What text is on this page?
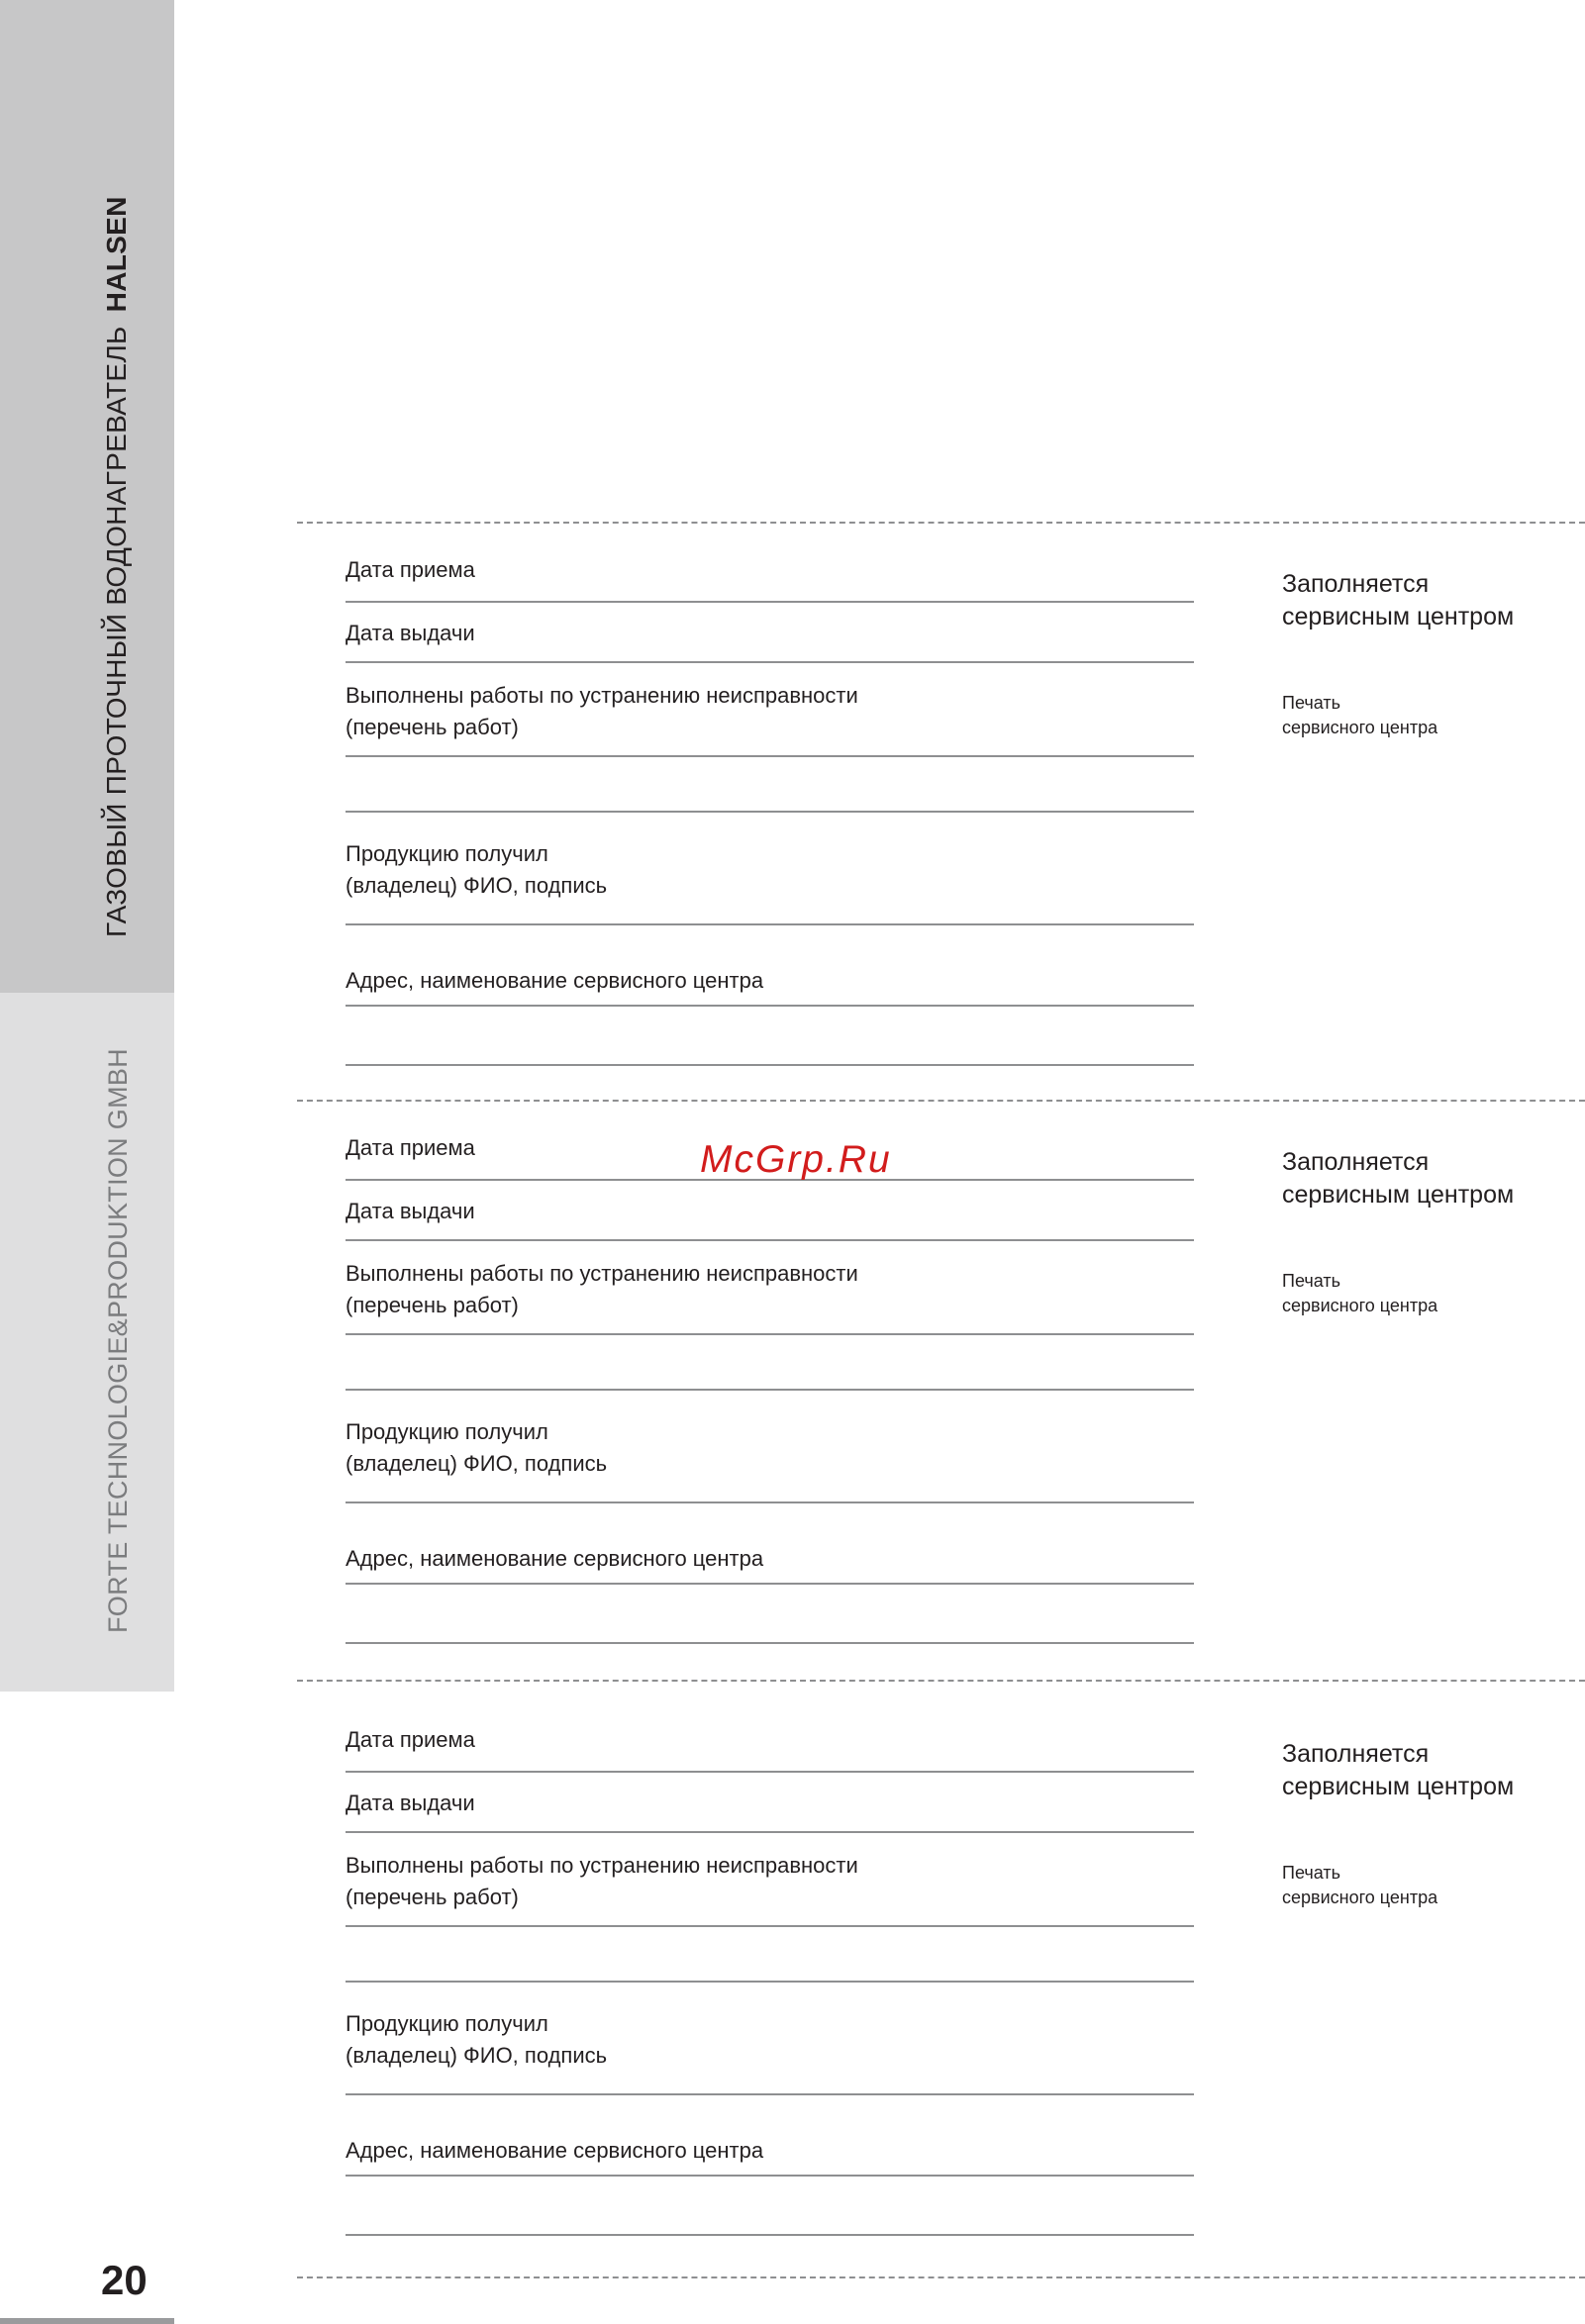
ГАЗОВЫЙ ПРОТОЧНЫЙ ВОДОНАГРЕВАТЕЛЬHALSEN
FORTE TECHNOLOGIE&PRODUKTION GMBH
20
Дата приема
Дата выдачи
Выполнены работы по устранению неисправности
(перечень работ)
Продукцию получил
(владелец) ФИО, подпись
Адрес, наименование сервисного центра
Заполняется
сервисным центром
Печать
сервисного центра
Дата приема
Дата выдачи
Выполнены работы по устранению неисправности
(перечень работ)
Продукцию получил
(владелец) ФИО, подпись
Адрес, наименование сервисного центра
Заполняется
сервисным центром
Печать
сервисного центра
Дата приема
Дата выдачи
Выполнены работы по устранению неисправности
(перечень работ)
Продукцию получил
(владелец) ФИО, подпись
Адрес, наименование сервисного центра
Заполняется
сервисным центром
Печать
сервисного центра
McGrp.Ru
